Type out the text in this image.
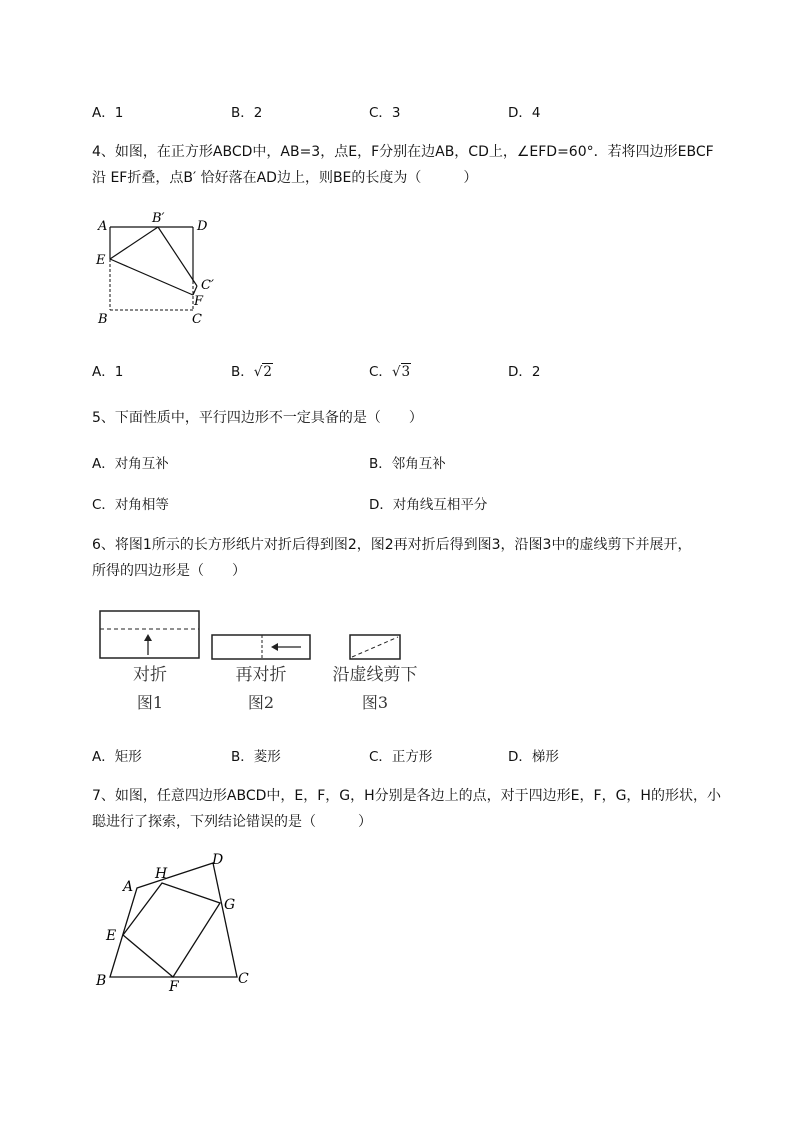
A．1	B．2	C．3	D．4
4、如图，在正方形ABCD中，AB=3，点E，F分别在边AB，CD上，∠EFD=60°．若将四边形EBCF
沿 EF折叠，点B′ 恰好落在AD边上，则BE的长度为（　　　）
A
B′
D
E
C′
F
B	C
A．1	B．√2	C．√3	D．2
5、下面性质中，平行四边形不一定具备的是（　　）
A．对角互补	B．邻角互补
C．对角相等	D．对角线互相平分
6、将图1所示的长方形纸片对折后得到图2，图2再对折后得到图3，沿图3中的虚线剪下并展开，
所得的四边形是（　　）
对折
图1
再对折
图2
沿虚线剪下
图3
A．矩形	B．菱形	C．正方形	D．梯形
7、如图，任意四边形ABCD中，E，F，G，H分别是各边上的点，对于四边形E，F，G，H的形状，小
聪进行了探索，下列结论错误的是（　　　）
A
H
D
G
E
B	F	C
